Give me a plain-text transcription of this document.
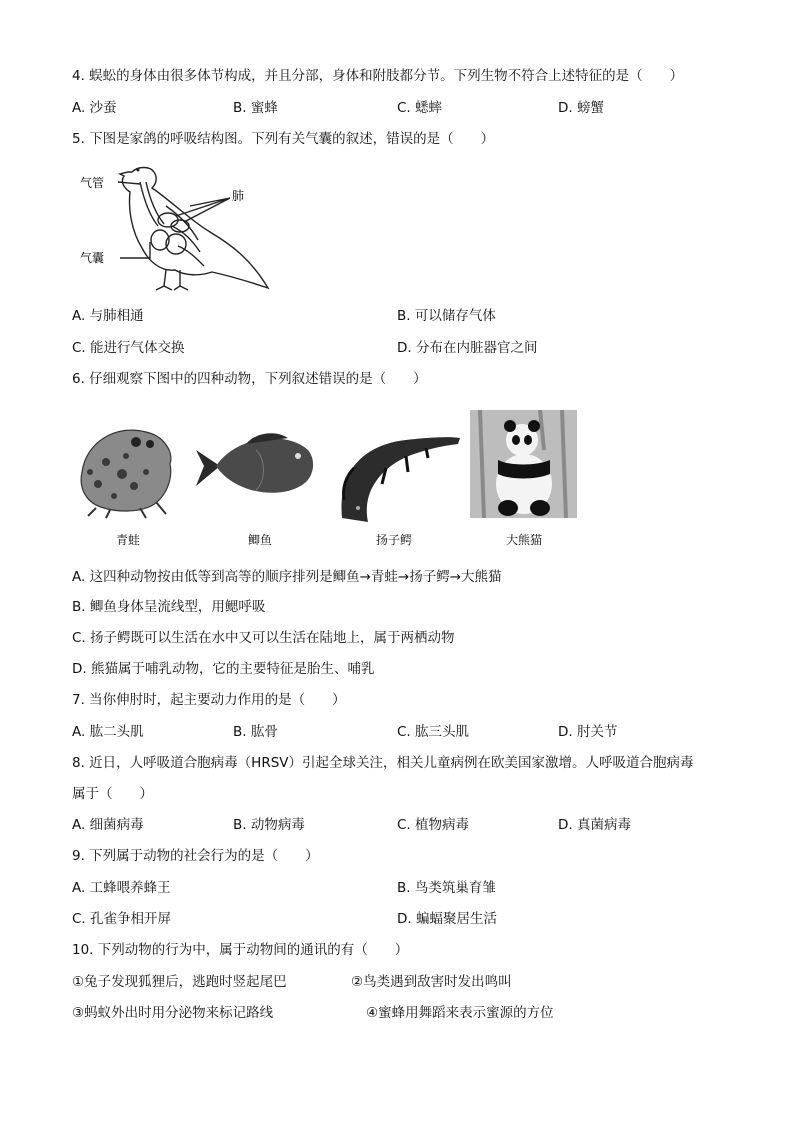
4. 蜈蚣的身体由很多体节构成，并且分部，身体和附肢都分节。下列生物不符合上述特征的是（　　）
A. 沙蚕	B. 蜜蜂	C. 蟋蟀	D. 螃蟹
5. 下图是家鸽的呼吸结构图。下列有关气囊的叙述，错误的是（　　）
气管
肺
气囊
A. 与肺相通	B. 可以储存气体
C. 能进行气体交换	D. 分布在内脏器官之间
6. 仔细观察下图中的四种动物，下列叙述错误的是（　　）
青蛙	鲫鱼	扬子鳄	大熊猫
A. 这四种动物按由低等到高等的顺序排列是鲫鱼→青蛙→扬子鳄→大熊猫
B. 鲫鱼身体呈流线型，用鳃呼吸
C. 扬子鳄既可以生活在水中又可以生活在陆地上，属于两栖动物
D. 熊猫属于哺乳动物，它的主要特征是胎生、哺乳
7. 当你伸肘时，起主要动力作用的是（　　）
A. 肱二头肌	B. 肱骨	C. 肱三头肌	D. 肘关节
8. 近日，人呼吸道合胞病毒（HRSV）引起全球关注，相关儿童病例在欧美国家激增。人呼吸道合胞病毒
属于（　　）
A. 细菌病毒	B. 动物病毒	C. 植物病毒	D. 真菌病毒
9. 下列属于动物的社会行为的是（　　）
A. 工蜂喂养蜂王	B. 鸟类筑巢育雏
C. 孔雀争相开屏	D. 蝙蝠聚居生活
10. 下列动物的行为中，属于动物间的通讯的有（　　）
①兔子发现狐狸后，逃跑时竖起尾巴	②鸟类遇到敌害时发出鸣叫
③蚂蚁外出时用分泌物来标记路线	④蜜蜂用舞蹈来表示蜜源的方位
